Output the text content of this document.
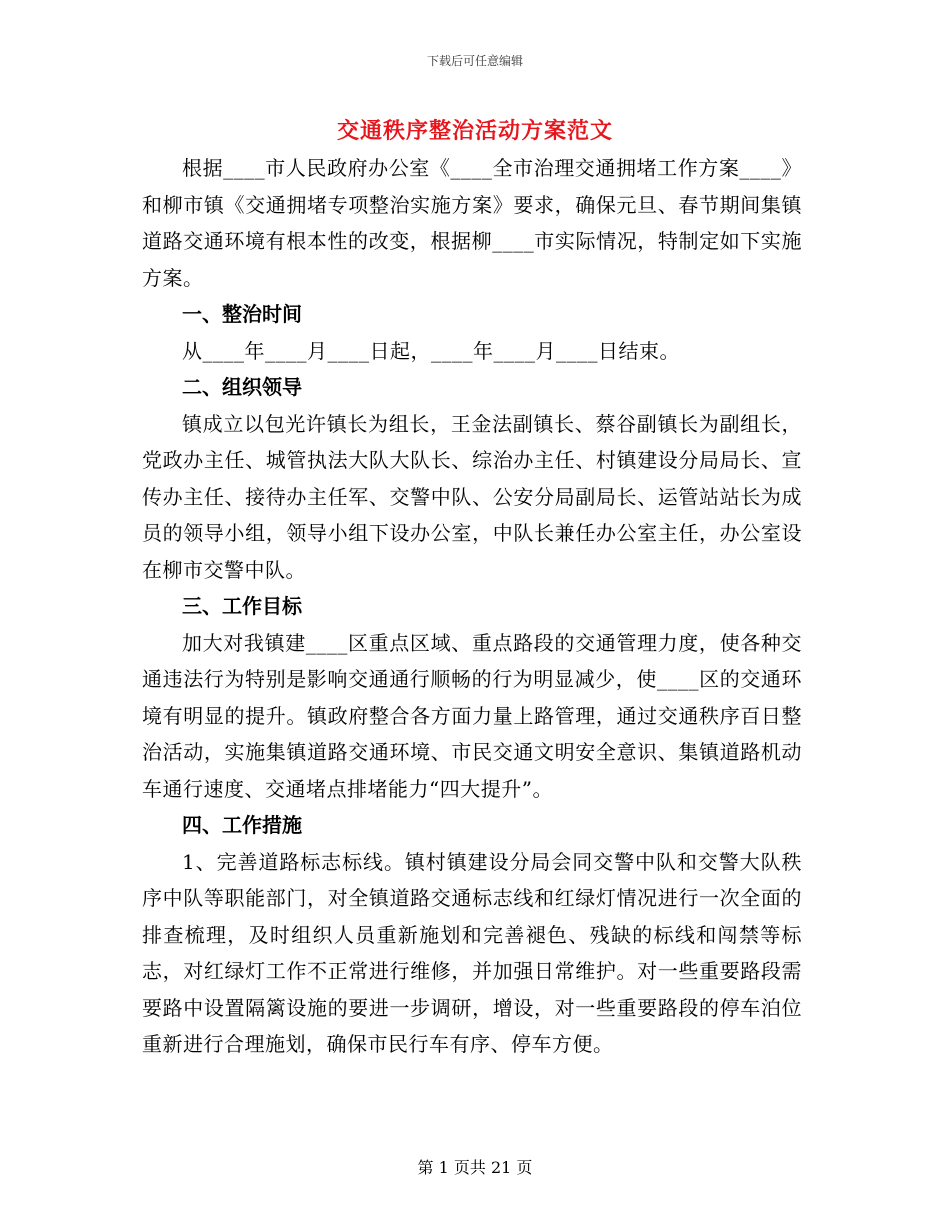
下载后可任意编辑
交通秩序整治活动方案范文

根据____市人民政府办公室《____全市治理交通拥堵工作方案____》和柳市镇《交通拥堵专项整治实施方案》要求，确保元旦、春节期间集镇道路交通环境有根本性的改变，根据柳____市实际情况，特制定如下实施方案。

一、整治时间

从____年____月____日起，____年____月____日结束。

二、组织领导

镇成立以包光许镇长为组长，王金法副镇长、蔡谷副镇长为副组长，党政办主任、城管执法大队大队长、综治办主任、村镇建设分局局长、宣传办主任、接待办主任军、交警中队、公安分局副局长、运管站站长为成员的领导小组，领导小组下设办公室，中队长兼任办公室主任，办公室设在柳市交警中队。

三、工作目标

加大对我镇建____区重点区域、重点路段的交通管理力度，使各种交通违法行为特别是影响交通通行顺畅的行为明显减少，使____区的交通环境有明显的提升。镇政府整合各方面力量上路管理，通过交通秩序百日整治活动，实施集镇道路交通环境、市民交通文明安全意识、集镇道路机动车通行速度、交通堵点排堵能力“四大提升”。

四、工作措施

1、完善道路标志标线。镇村镇建设分局会同交警中队和交警大队秩序中队等职能部门，对全镇道路交通标志线和红绿灯情况进行一次全面的排查梳理，及时组织人员重新施划和完善褪色、残缺的标线和闯禁等标志，对红绿灯工作不正常进行维修，并加强日常维护。对一些重要路段需要路中设置隔篱设施的要进一步调研，增设，对一些重要路段的停车泊位重新进行合理施划，确保市民行车有序、停车方便。

第 1 页共 21 页
